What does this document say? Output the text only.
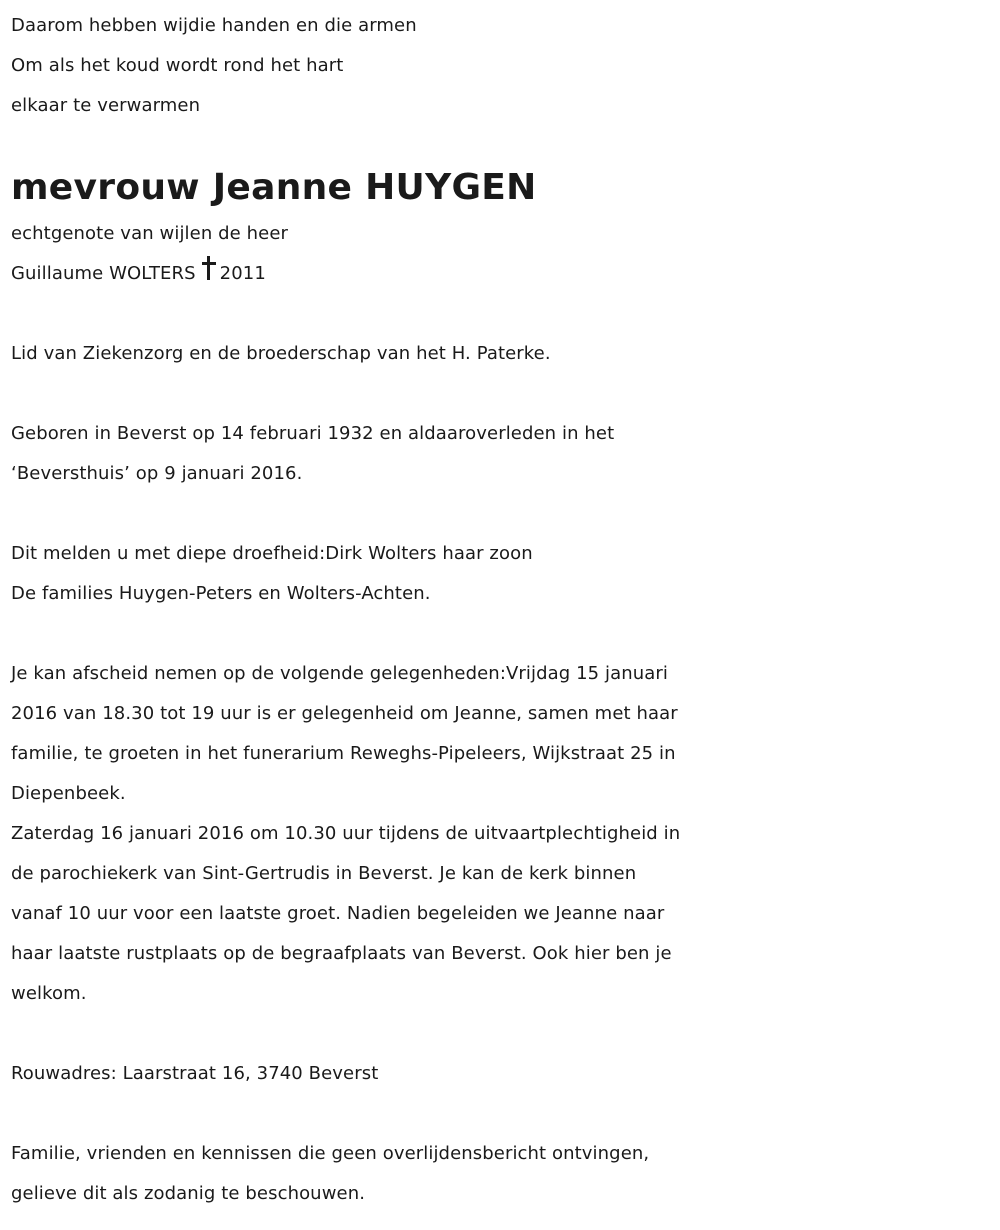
Daarom hebben wijdie handen en die armen
Om als het koud wordt rond het hart
elkaar te verwarmen
mevrouw Jeanne HUYGEN
echtgenote van wijlen de heer
Guillaume WOLTERS 2011
Lid van Ziekenzorg en de broederschap van het H. Paterke.
Geboren in Beverst op 14 februari 1932 en aldaaroverleden in het
‘Beversthuis’ op 9 januari 2016.
Dit melden u met diepe droefheid:Dirk Wolters haar zoon
De families Huygen-Peters en Wolters-Achten.
Je kan afscheid nemen op de volgende gelegenheden:Vrijdag 15 januari
2016 van 18.30 tot 19 uur is er gelegenheid om Jeanne, samen met haar
familie, te groeten in het funerarium Reweghs-Pipeleers, Wijkstraat 25 in
Diepenbeek.
Zaterdag 16 januari 2016 om 10.30 uur tijdens de uitvaartplechtigheid in
de parochiekerk van Sint-Gertrudis in Beverst. Je kan de kerk binnen
vanaf 10 uur voor een laatste groet. Nadien begeleiden we Jeanne naar
haar laatste rustplaats op de begraafplaats van Beverst. Ook hier ben je
welkom.
Rouwadres: Laarstraat 16, 3740 Beverst
Familie, vrienden en kennissen die geen overlijdensbericht ontvingen,
gelieve dit als zodanig te beschouwen.
